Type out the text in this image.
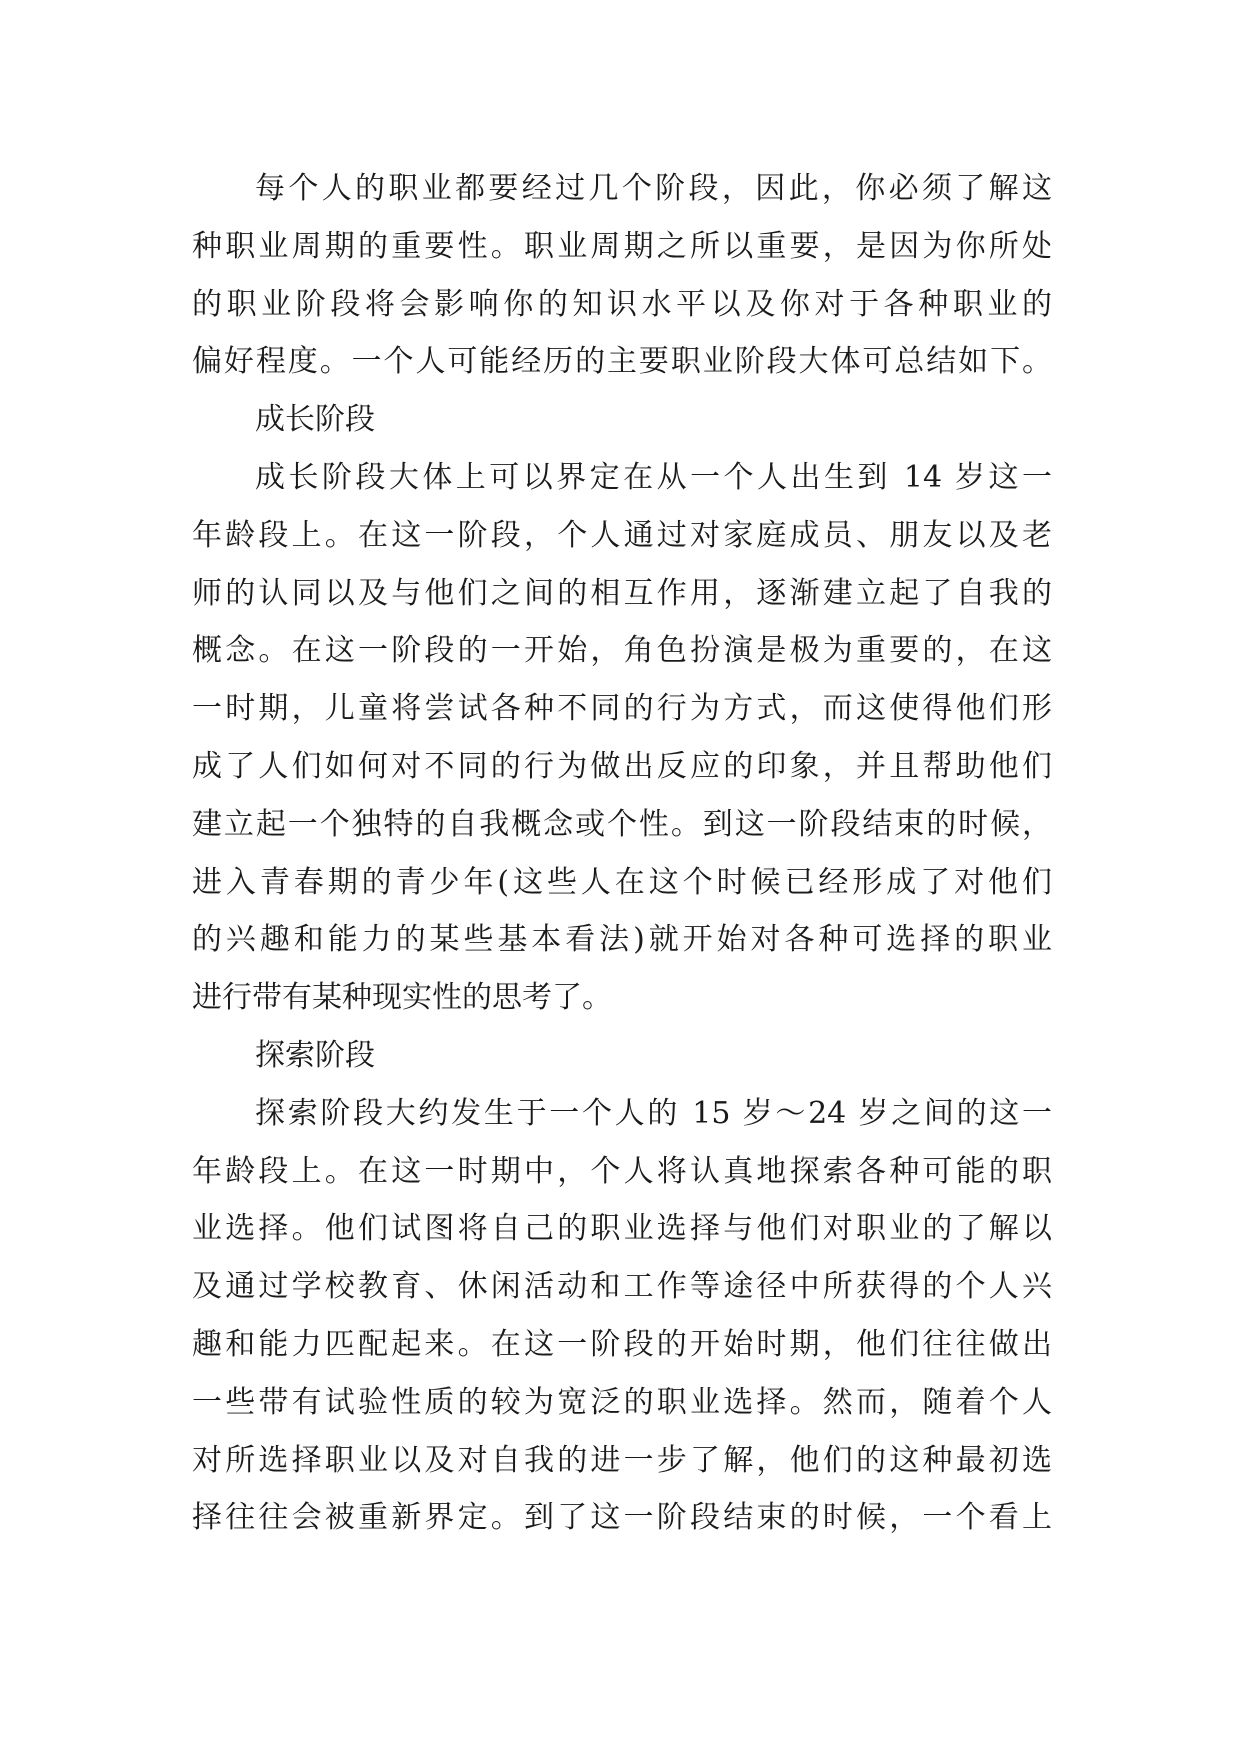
每个人的职业都要经过几个阶段，因此，你必须了解这
种职业周期的重要性。职业周期之所以重要，是因为你所处
的职业阶段将会影响你的知识水平以及你对于各种职业的
偏好程度。一个人可能经历的主要职业阶段大体可总结如下。
成长阶段
成长阶段大体上可以界定在从一个人出生到 14 岁这一
年龄段上。在这一阶段，个人通过对家庭成员、朋友以及老
师的认同以及与他们之间的相互作用，逐渐建立起了自我的
概念。在这一阶段的一开始，角色扮演是极为重要的，在这
一时期，儿童将尝试各种不同的行为方式，而这使得他们形
成了人们如何对不同的行为做出反应的印象，并且帮助他们
建立起一个独特的自我概念或个性。到这一阶段结束的时候，
进入青春期的青少年(这些人在这个时候已经形成了对他们
的兴趣和能力的某些基本看法)就开始对各种可选择的职业
进行带有某种现实性的思考了。
探索阶段
探索阶段大约发生于一个人的 15 岁～24 岁之间的这一
年龄段上。在这一时期中，个人将认真地探索各种可能的职
业选择。他们试图将自己的职业选择与他们对职业的了解以
及通过学校教育、休闲活动和工作等途径中所获得的个人兴
趣和能力匹配起来。在这一阶段的开始时期，他们往往做出
一些带有试验性质的较为宽泛的职业选择。然而，随着个人
对所选择职业以及对自我的进一步了解，他们的这种最初选
择往往会被重新界定。到了这一阶段结束的时候，一个看上
